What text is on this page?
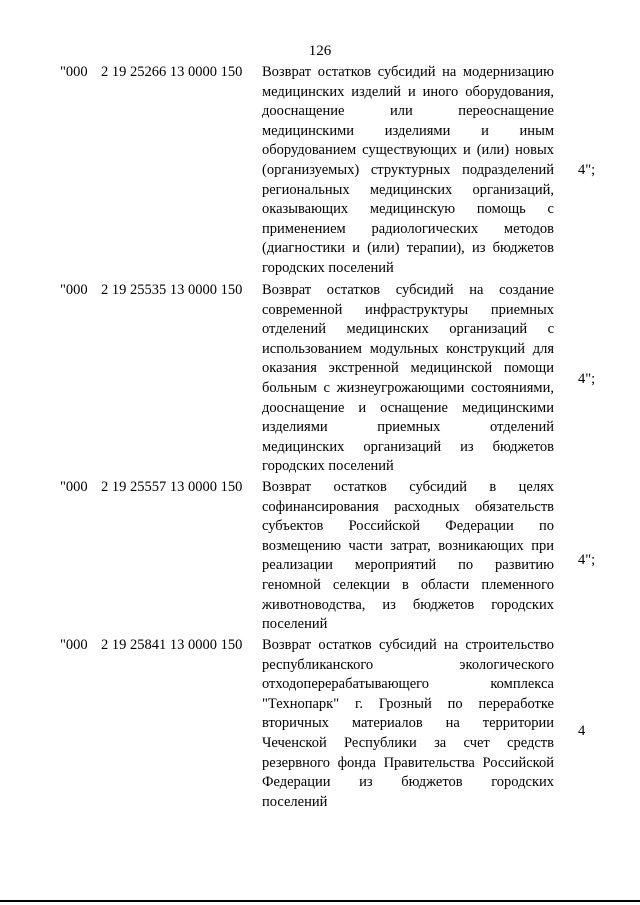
126
"000 2 19 25266 13 0000 150 Возврат остатков субсидий на модернизацию
медицинских изделий и иного оборудования,
дооснащение или переоснащение
медицинскими изделиями и иным
оборудованием существующих и (или) новых
(организуемых) структурных подразделений
региональных медицинских организаций,
оказывающих медицинскую помощь с
применением радиологических методов
(диагностики и (или) терапии), из бюджетов
городских поселений
4";
"000 2 19 25535 13 0000 150 Возврат остатков субсидий на создание
современной инфраструктуры приемных
отделений медицинских организаций с
использованием модульных конструкций для
оказания экстренной медицинской помощи
больным с жизнеугрожающими состояниями,
дооснащение и оснащение медицинскими
изделиями приемных отделений
медицинских организаций из бюджетов
городских поселений
4";
"000 2 19 25557 13 0000 150 Возврат остатков субсидий в целях
софинансирования расходных обязательств
субъектов Российской Федерации по
возмещению части затрат, возникающих при
реализации мероприятий по развитию
геномной селекции в области племенного
животноводства, из бюджетов городских
поселений
4";
"000 2 19 25841 13 0000 150 Возврат остатков субсидий на строительство
республиканского экологического
отходоперерабатывающего комплекса
"Технопарк" г. Грозный по переработке
вторичных материалов на территории
Чеченской Республики за счет средств
резервного фонда Правительства Российской
Федерации из бюджетов городских
поселений
4
